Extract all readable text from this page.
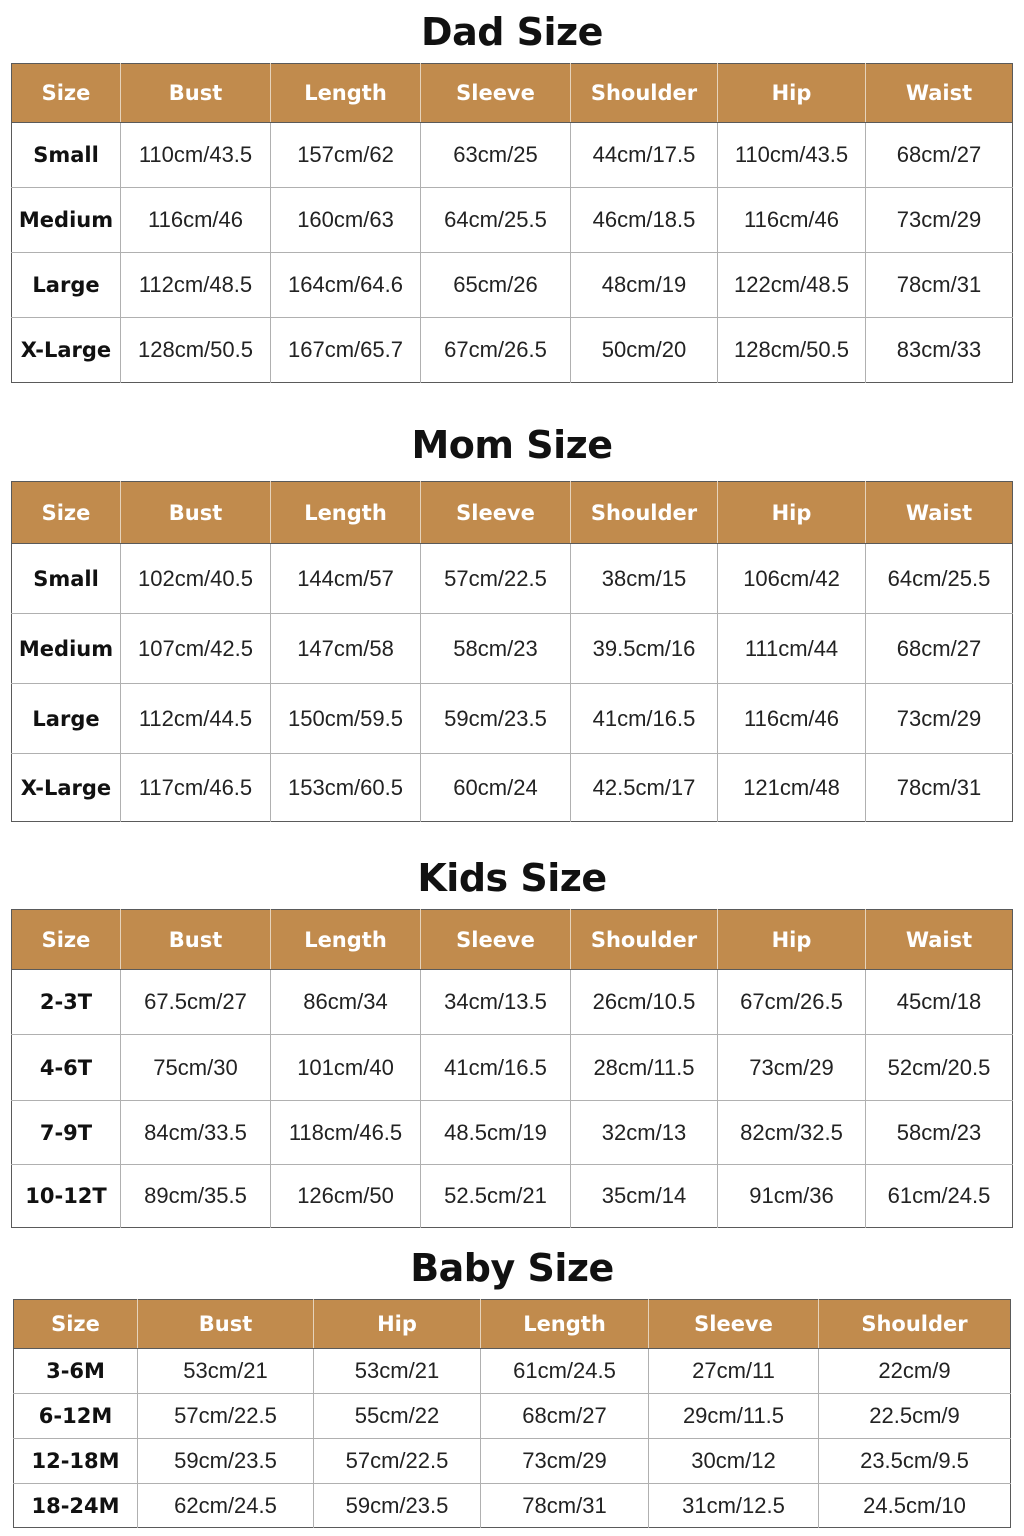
Dad Size
Size	Bust	Length	Sleeve	Shoulder	Hip	Waist
Small	110cm/43.5	157cm/62	63cm/25	44cm/17.5	110cm/43.5	68cm/27
Medium	116cm/46	160cm/63	64cm/25.5	46cm/18.5	116cm/46	73cm/29
Large	112cm/48.5	164cm/64.6	65cm/26	48cm/19	122cm/48.5	78cm/31
X-Large	128cm/50.5	167cm/65.7	67cm/26.5	50cm/20	128cm/50.5	83cm/33
Mom Size
Size	Bust	Length	Sleeve	Shoulder	Hip	Waist
Small	102cm/40.5	144cm/57	57cm/22.5	38cm/15	106cm/42	64cm/25.5
Medium	107cm/42.5	147cm/58	58cm/23	39.5cm/16	111cm/44	68cm/27
Large	112cm/44.5	150cm/59.5	59cm/23.5	41cm/16.5	116cm/46	73cm/29
X-Large	117cm/46.5	153cm/60.5	60cm/24	42.5cm/17	121cm/48	78cm/31
Kids Size
Size	Bust	Length	Sleeve	Shoulder	Hip	Waist
2-3T	67.5cm/27	86cm/34	34cm/13.5	26cm/10.5	67cm/26.5	45cm/18
4-6T	75cm/30	101cm/40	41cm/16.5	28cm/11.5	73cm/29	52cm/20.5
7-9T	84cm/33.5	118cm/46.5	48.5cm/19	32cm/13	82cm/32.5	58cm/23
10-12T	89cm/35.5	126cm/50	52.5cm/21	35cm/14	91cm/36	61cm/24.5
Baby Size
Size	Bust	Hip	Length	Sleeve	Shoulder
3-6M	53cm/21	53cm/21	61cm/24.5	27cm/11	22cm/9
6-12M	57cm/22.5	55cm/22	68cm/27	29cm/11.5	22.5cm/9
12-18M	59cm/23.5	57cm/22.5	73cm/29	30cm/12	23.5cm/9.5
18-24M	62cm/24.5	59cm/23.5	78cm/31	31cm/12.5	24.5cm/10
